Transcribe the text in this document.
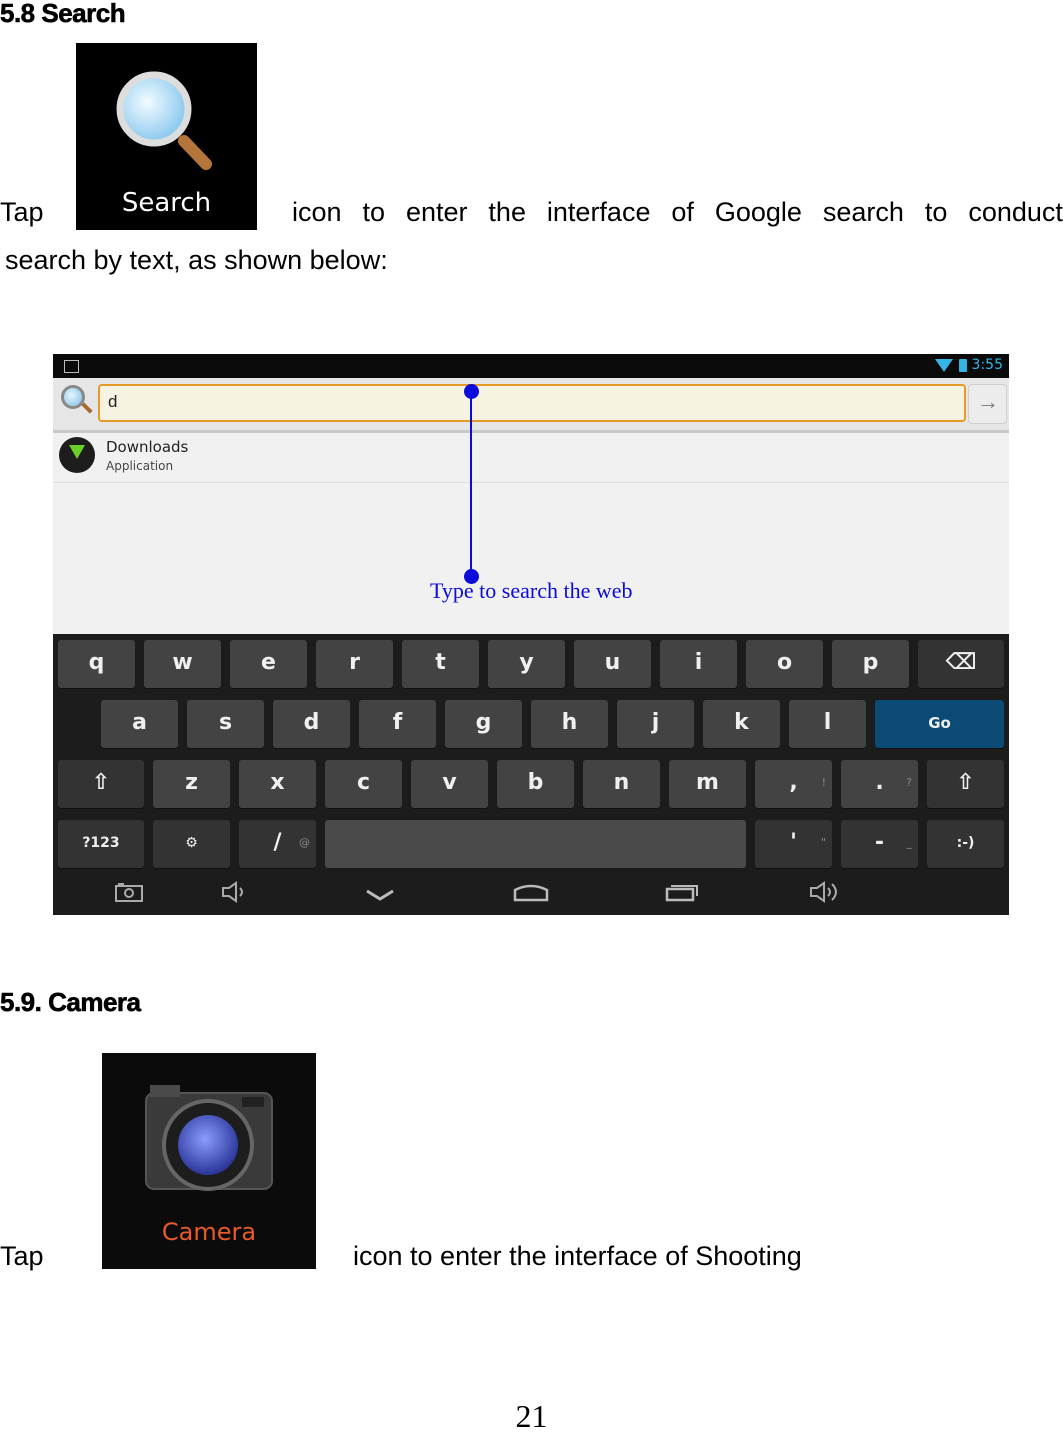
5.8 Search
Search
Tap	icon to enter the interface of Google search to conduct
search by text, as shown below:
3:55
d	→
Downloads
Application
q	w	e	r	t	y	u	i	o	p	⌫
a	s	d	f	g	h	j	k	l	Go
⇧	z	x	c	v	b	n	m	, !	. ?	⇧
?123	⚙	/ @	' "	- _	:-)
Type to search the web
5.9. Camera
Camera
Tap	icon to enter the interface of Shooting
21
